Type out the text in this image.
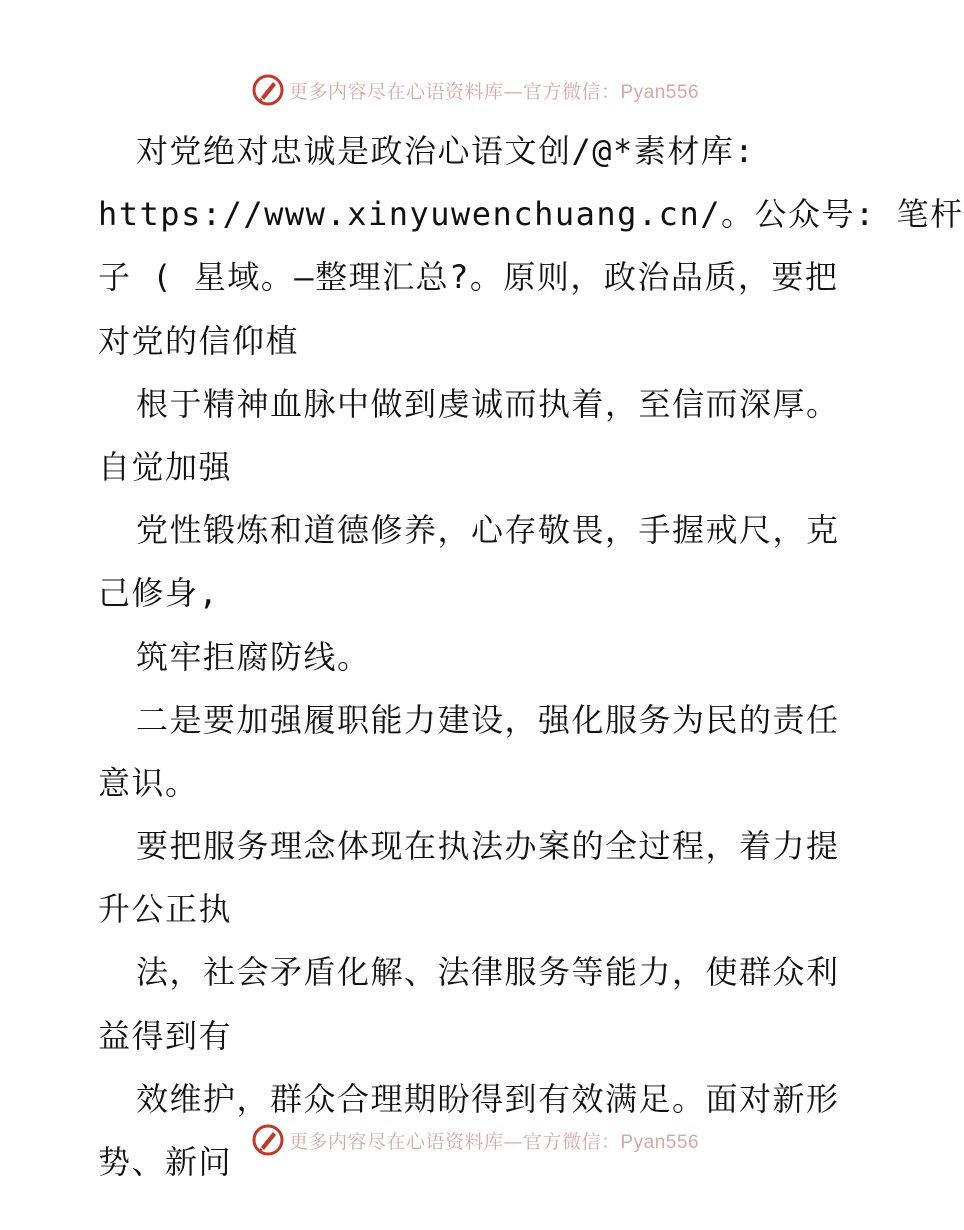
更多内容尽在心语资料库—官方微信：Pyan556
对党绝对忠诚是政治心语文创/@*素材库:
https://www.xinyuwenchuang.cn/。公众号: 笔杆
子 ( 星域。—整理汇总?。原则，政治品质，要把
对党的信仰植
根于精神血脉中做到虔诚而执着，至信而深厚。
自觉加强
党性锻炼和道德修养，心存敬畏，手握戒尺，克
己修身,
筑牢拒腐防线。
二是要加强履职能力建设，强化服务为民的责任
意识。
要把服务理念体现在执法办案的全过程，着力提
升公正执
法，社会矛盾化解、法律服务等能力，使群众利
益得到有
效维护，群众合理期盼得到有效满足。面对新形
势、新问
更多内容尽在心语资料库—官方微信：Pyan556
